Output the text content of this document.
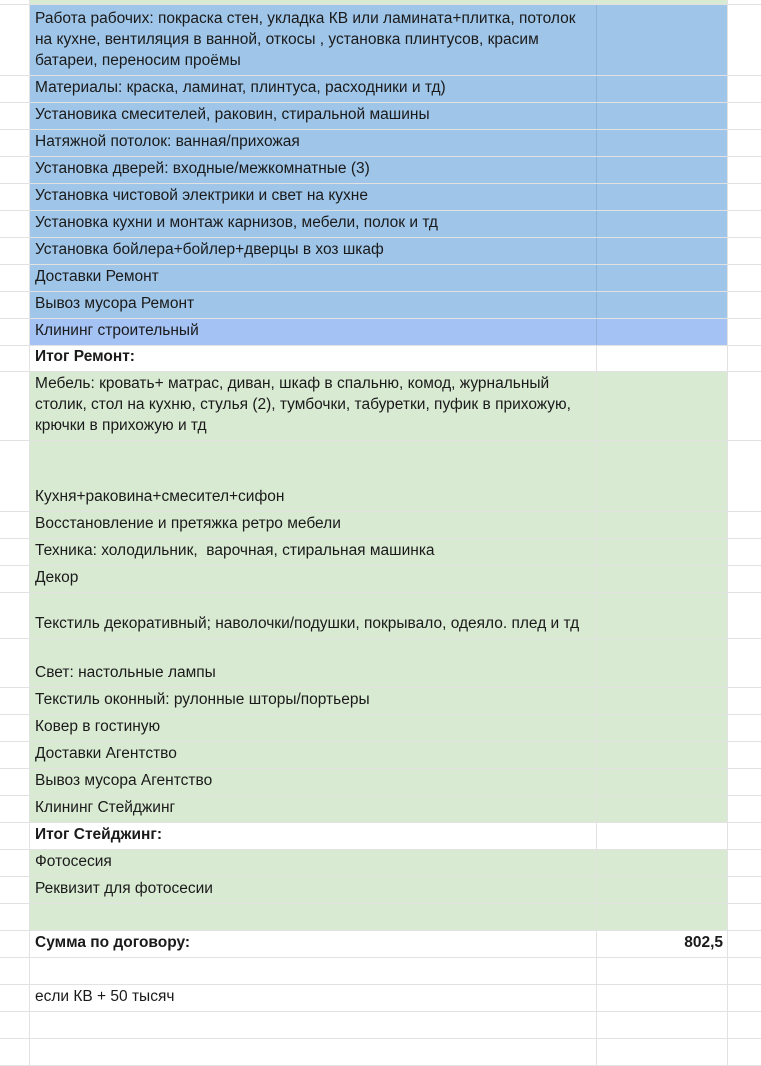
Работа рабочих: покраска стен, укладка КВ или ламината+плитка, потолок на кухне, вентиляция в ванной, откосы , установка плинтусов, красим батареи, переносим проёмы
Материалы: краска, ламинат, плинтуса, расходники и тд)
Установика смесителей, раковин, стиральной машины
Натяжной потолок: ванная/прихожая
Установка дверей: входные/межкомнатные (3)
Установка чистовой электрики и свет на кухне
Установка кухни и монтаж карнизов, мебели, полок и тд
Установка бойлера+бойлер+дверцы в хоз шкаф
Доставки Ремонт
Вывоз мусора Ремонт
Клининг строительный
Итог Ремонт:
Мебель: кровать+ матрас, диван, шкаф в спальню, комод, журнальный столик, стол на кухню, стулья (2), тумбочки, табуретки, пуфик в прихожую, крючки в прихожую и тд
Кухня+раковина+смесител+сифон
Восстановление и претяжка ретро мебели
Техника: холодильник,  варочная, стиральная машинка
Декор
Текстиль декоративный; наволочки/подушки, покрывало, одеяло. плед и тд
Свет: настольные лампы
Текстиль оконный: рулонные шторы/портьеры
Ковер в гостиную
Доставки Агентство
Вывоз мусора Агентство
Клининг Стейджинг
Итог Стейджинг:
Фотосесия
Реквизит для фотосесии
Сумма по договору:	802,5
если КВ + 50 тысяч
